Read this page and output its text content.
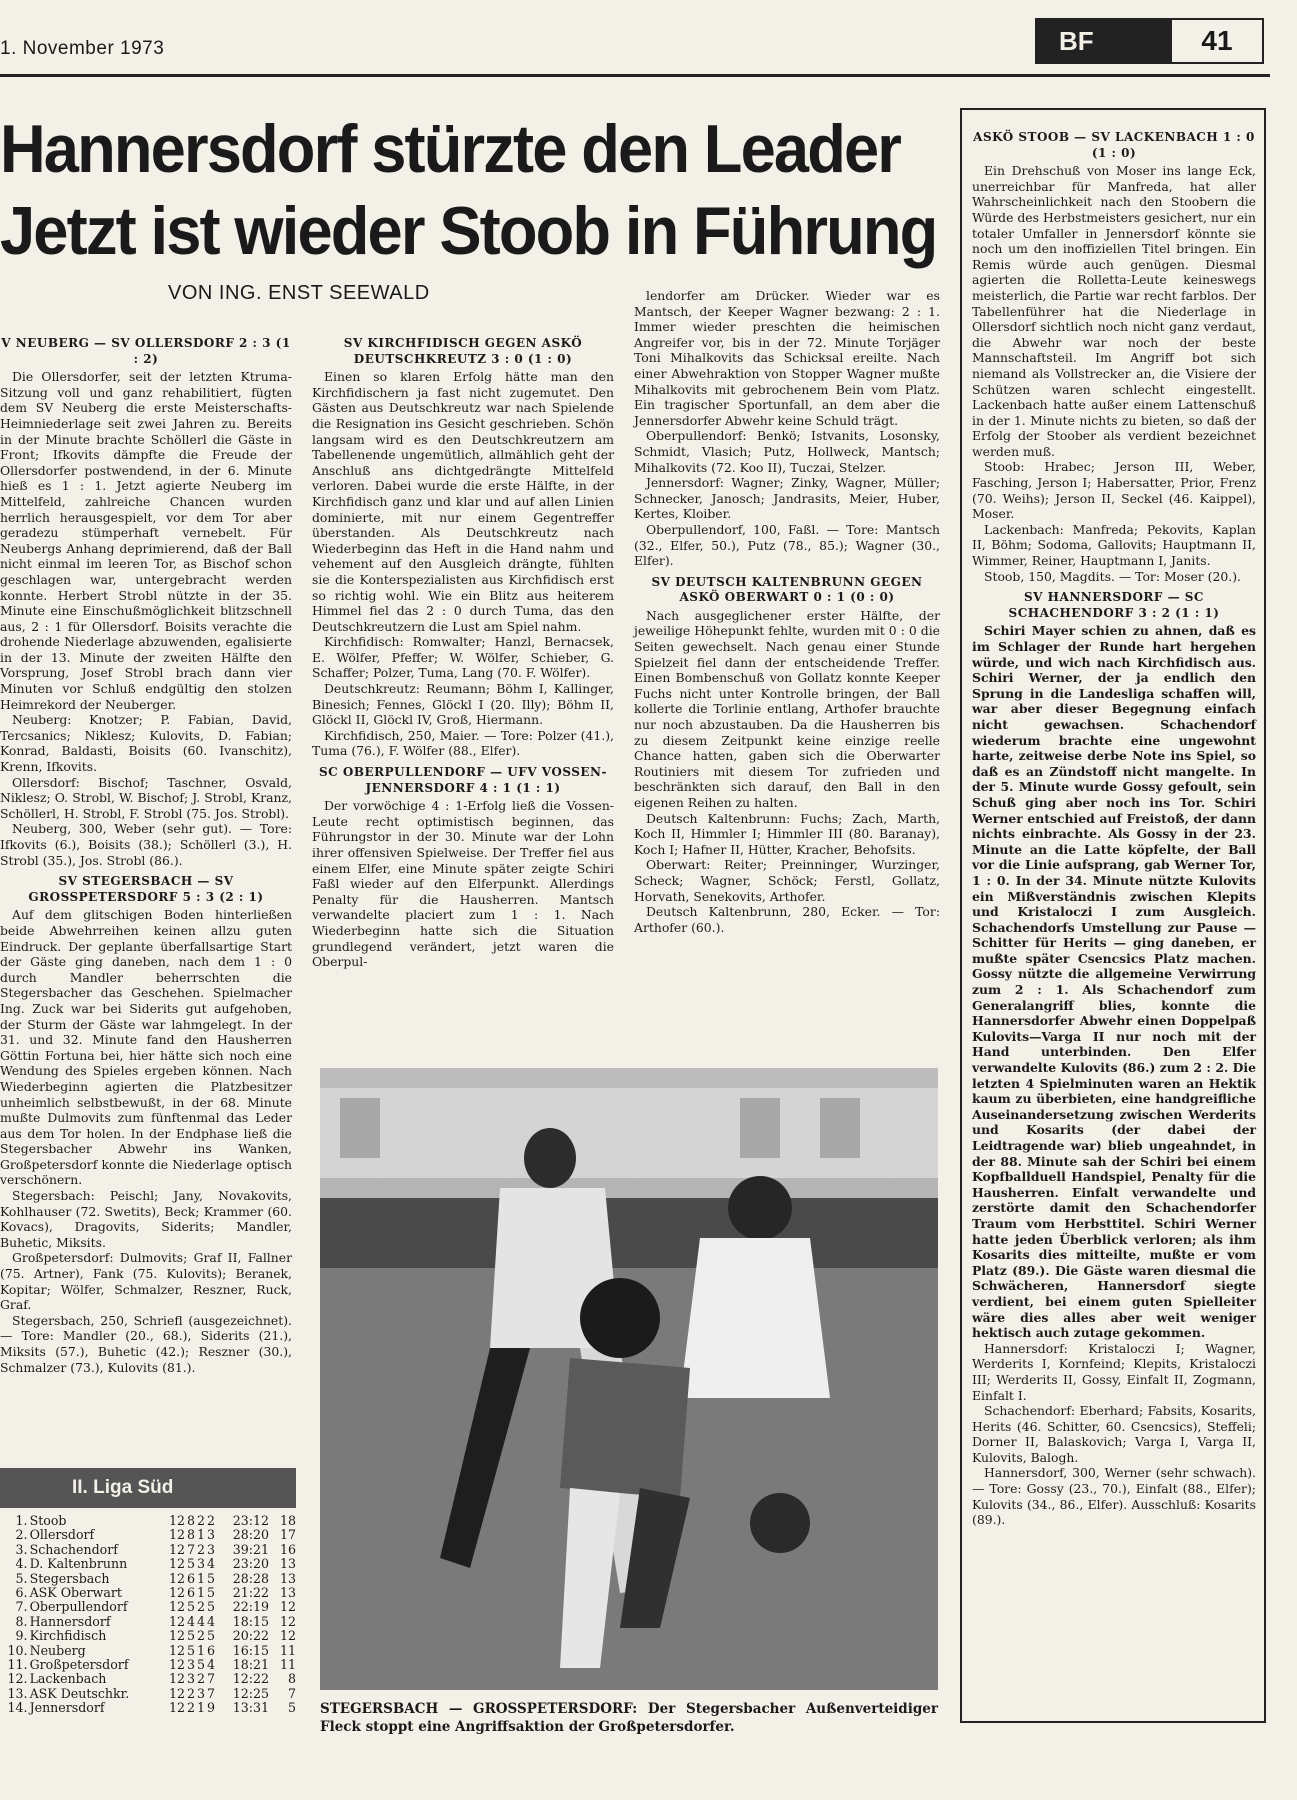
1. November 1973	BF	41
Hannersdorf stürzte den Leader
Jetzt ist wieder Stoob in Führung
VON ING. ENST SEEWALD

V NEUBERG — SV OLLERSDORF 2 : 3 (1 : 2)

Die Ollersdorfer, seit der letzten Ktruma-Sitzung voll und ganz rehabilitiert, fügten dem SV Neuberg die erste Meisterschafts-Heimniederlage seit zwei Jahren zu. Bereits in der Minute brachte Schöllerl die Gäste in Front; Ifkovits dämpfte die Freude der Ollersdorfer postwendend, in der 6. Minute hieß es 1 : 1. Jetzt agierte Neuberg im Mittelfeld, zahlreiche Chancen wurden herrlich herausgespielt, vor dem Tor aber geradezu stümperhaft vernebelt. Für Neubergs Anhang deprimierend, daß der Ball nicht einmal im leeren Tor, as Bischof schon geschlagen war, untergebracht werden konnte. Herbert Strobl nützte in der 35. Minute eine Einschußmöglichkeit blitzschnell aus, 2 : 1 für Ollersdorf. Boisits verachte die drohende Niederlage abzuwenden, egalisierte in der 13. Minute der zweiten Hälfte den Vorsprung, Josef Strobl brach dann vier Minuten vor Schluß endgültig den stolzen Heimrekord der Neuberger.

Neuberg: Knotzer; P. Fabian, David, Tercsanics; Niklesz; Kulovits, D. Fabian; Konrad, Baldasti, Boisits (60. Ivanschitz), Krenn, Ifkovits.

Ollersdorf: Bischof; Taschner, Osvald, Niklesz; O. Strobl, W. Bischof; J. Strobl, Kranz, Schöllerl, H. Strobl, F. Strobl (75. Jos. Strobl).

Neuberg, 300, Weber (sehr gut). — Tore: Ifkovits (6.), Boisits (38.); Schöllerl (3.), H. Strobl (35.), Jos. Strobl (86.).

SV STEGERSBACH — SV GROSSPETERSDORF 5 : 3 (2 : 1)

Auf dem glitschigen Boden hinterließen beide Abwehrreihen keinen allzu guten Eindruck. Der geplante überfallsartige Start der Gäste ging daneben, nach dem 1 : 0 durch Mandler beherrschten die Stegersbacher das Geschehen. Spielmacher Ing. Zuck war bei Siderits gut aufgehoben, der Sturm der Gäste war lahmgelegt. In der 31. und 32. Minute fand den Hausherren Göttin Fortuna bei, hier hätte sich noch eine Wendung des Spieles ergeben können. Nach Wiederbeginn agierten die Platzbesitzer unheimlich selbstbewußt, in der 68. Minute mußte Dulmovits zum fünftenmal das Leder aus dem Tor holen. In der Endphase ließ die Stegersbacher Abwehr ins Wanken, Großpetersdorf konnte die Niederlage optisch verschönern.

Stegersbach: Peischl; Jany, Novakovits, Kohlhauser (72. Swetits), Beck; Krammer (60. Kovacs), Dragovits, Siderits; Mandler, Buhetic, Miksits.

Großpetersdorf: Dulmovits; Graf II, Fallner (75. Artner), Fank (75. Kulovits); Beranek, Kopitar; Wölfer, Schmalzer, Reszner, Ruck, Graf.

Stegersbach, 250, Schriefl (ausgezeichnet). — Tore: Mandler (20., 68.), Siderits (21.), Miksits (57.), Buhetic (42.); Reszner (30.), Schmalzer (73.), Kulovits (81.).

SV KIRCHFIDISCH GEGEN ASKÖ DEUTSCHKREUTZ 3 : 0 (1 : 0)

Einen so klaren Erfolg hätte man den Kirchfidischern ja fast nicht zugemutet. Den Gästen aus Deutschkreutz war nach Spielende die Resignation ins Gesicht geschrieben. Schön langsam wird es den Deutschkreutzern am Tabellenende ungemütlich, allmählich geht der Anschluß ans dichtgedrängte Mittelfeld verloren. Dabei wurde die erste Hälfte, in der Kirchfidisch ganz und klar und auf allen Linien dominierte, mit nur einem Gegentreffer überstanden. Als Deutschkreutz nach Wiederbeginn das Heft in die Hand nahm und vehement auf den Ausgleich drängte, fühlten sie die Konterspezialisten aus Kirchfidisch erst so richtig wohl. Wie ein Blitz aus heiterem Himmel fiel das 2 : 0 durch Tuma, das den Deutschkreutzern die Lust am Spiel nahm.

Kirchfidisch: Romwalter; Hanzl, Bernacsek, E. Wölfer, Pfeffer; W. Wölfer, Schieber, G. Schaffer; Polzer, Tuma, Lang (70. F. Wölfer).

Deutschkreutz: Reumann; Böhm I, Kallinger, Binesich; Fennes, Glöckl I (20. Illy); Böhm II, Glöckl II, Glöckl IV, Groß, Hiermann.

Kirchfidisch, 250, Maier. — Tore: Polzer (41.), Tuma (76.), F. Wölfer (88., Elfer).

SC OBERPULLENDORF — UFV VOSSEN-JENNERSDORF 4 : 1 (1 : 1)

Der vorwöchige 4 : 1-Erfolg ließ die Vossen-Leute recht optimistisch beginnen, das Führungstor in der 30. Minute war der Lohn ihrer offensiven Spielweise. Der Treffer fiel aus einem Elfer, eine Minute später zeigte Schiri Faßl wieder auf den Elferpunkt. Allerdings Penalty für die Hausherren. Mantsch verwandelte placiert zum 1 : 1. Nach Wiederbeginn hatte sich die Situation grundlegend verändert, jetzt waren die Oberpul-

lendorfer am Drücker. Wieder war es Mantsch, der Keeper Wagner bezwang: 2 : 1. Immer wieder preschten die heimischen Angreifer vor, bis in der 72. Minute Torjäger Toni Mihalkovits das Schicksal ereilte. Nach einer Abwehraktion von Stopper Wagner mußte Mihalkovits mit gebrochenem Bein vom Platz. Ein tragischer Sportunfall, an dem aber die Jennersdorfer Abwehr keine Schuld trägt.

Oberpullendorf: Benkö; Istvanits, Losonsky, Schmidt, Vlasich; Putz, Hollweck, Mantsch; Mihalkovits (72. Koo II), Tuczai, Stelzer.

Jennersdorf: Wagner; Zinky, Wagner, Müller; Schnecker, Janosch; Jandrasits, Meier, Huber, Kertes, Kloiber.

Oberpullendorf, 100, Faßl. — Tore: Mantsch (32., Elfer, 50.), Putz (78., 85.); Wagner (30., Elfer).

SV DEUTSCH KALTENBRUNN GEGEN ASKÖ OBERWART 0 : 1 (0 : 0)

Nach ausgeglichener erster Hälfte, der jeweilige Höhepunkt fehlte, wurden mit 0 : 0 die Seiten gewechselt. Nach genau einer Stunde Spielzeit fiel dann der entscheidende Treffer. Einen Bombenschuß von Gollatz konnte Keeper Fuchs nicht unter Kontrolle bringen, der Ball kollerte die Torlinie entlang, Arthofer brauchte nur noch abzustauben. Da die Hausherren bis zu diesem Zeitpunkt keine einzige reelle Chance hatten, gaben sich die Oberwarter Routiniers mit diesem Tor zufrieden und beschränkten sich darauf, den Ball in den eigenen Reihen zu halten.

Deutsch Kaltenbrunn: Fuchs; Zach, Marth, Koch II, Himmler I; Himmler III (80. Baranay), Koch I; Hafner II, Hütter, Kracher, Behofsits.

Oberwart: Reiter; Preinninger, Wurzinger, Scheck; Wagner, Schöck; Ferstl, Gollatz, Horvath, Senekovits, Arthofer.

Deutsch Kaltenbrunn, 280, Ecker. — Tor: Arthofer (60.).

ASKÖ STOOB — SV LACKENBACH 1 : 0 (1 : 0)

Ein Drehschuß von Moser ins lange Eck, unerreichbar für Manfreda, hat aller Wahrscheinlichkeit nach den Stoobern die Würde des Herbstmeisters gesichert, nur ein totaler Umfaller in Jennersdorf könnte sie noch um den inoffiziellen Titel bringen. Ein Remis würde auch genügen. Diesmal agierten die Rolletta-Leute keineswegs meisterlich, die Partie war recht farblos. Der Tabellenführer hat die Niederlage in Ollersdorf sichtlich noch nicht ganz verdaut, die Abwehr war noch der beste Mannschaftsteil. Im Angriff bot sich niemand als Vollstrecker an, die Visiere der Schützen waren schlecht eingestellt. Lackenbach hatte außer einem Lattenschuß in der 1. Minute nichts zu bieten, so daß der Erfolg der Stoober als verdient bezeichnet werden muß.

Stoob: Hrabec; Jerson III, Weber, Fasching, Jerson I; Habersatter, Prior, Frenz (70. Weihs); Jerson II, Seckel (46. Kaippel), Moser.

Lackenbach: Manfreda; Pekovits, Kaplan II, Böhm; Sodoma, Gallovits; Hauptmann II, Wimmer, Reiner, Hauptmann I, Janits.

Stoob, 150, Magdits. — Tor: Moser (20.).

SV HANNERSDORF — SC SCHACHENDORF 3 : 2 (1 : 1)

Schiri Mayer schien zu ahnen, daß es im Schlager der Runde hart hergehen würde, und wich nach Kirchfidisch aus. Schiri Werner, der ja endlich den Sprung in die Landesliga schaffen will, war aber dieser Begegnung einfach nicht gewachsen. Schachendorf wiederum brachte eine ungewohnt harte, zeitweise derbe Note ins Spiel, so daß es an Zündstoff nicht mangelte. In der 5. Minute wurde Gossy gefoult, sein Schuß ging aber noch ins Tor. Schiri Werner entschied auf Freistoß, der dann nichts einbrachte. Als Gossy in der 23. Minute an die Latte köpfelte, der Ball vor die Linie aufsprang, gab Werner Tor, 1 : 0. In der 34. Minute nützte Kulovits ein Mißverständnis zwischen Klepits und Kristaloczi I zum Ausgleich. Schachendorfs Umstellung zur Pause — Schitter für Herits — ging daneben, er mußte später Csencsics Platz machen. Gossy nützte die allgemeine Verwirrung zum 2 : 1. Als Schachendorf zum Generalangriff blies, konnte die Hannersdorfer Abwehr einen Doppelpaß Kulovits—Varga II nur noch mit der Hand unterbinden. Den Elfer verwandelte Kulovits (86.) zum 2 : 2. Die letzten 4 Spielminuten waren an Hektik kaum zu überbieten, eine handgreifliche Auseinandersetzung zwischen Werderits und Kosarits (der dabei der Leidtragende war) blieb ungeahndet, in der 88. Minute sah der Schiri bei einem Kopfballduell Handspiel, Penalty für die Hausherren. Einfalt verwandelte und zerstörte damit den Schachendorfer Traum vom Herbsttitel. Schiri Werner hatte jeden Überblick verloren; als ihm Kosarits dies mitteilte, mußte er vom Platz (89.). Die Gäste waren diesmal die Schwächeren, Hannersdorf siegte verdient, bei einem guten Spielleiter wäre dies alles aber weit weniger hektisch auch zutage gekommen.

Hannersdorf: Kristaloczi I; Wagner, Werderits I, Kornfeind; Klepits, Kristaloczi III; Werderits II, Gossy, Einfalt II, Zogmann, Einfalt I.

Schachendorf: Eberhard; Fabsits, Kosarits, Herits (46. Schitter, 60. Csencsics), Steffeli; Dorner II, Balaskovich; Varga I, Varga II, Kulovits, Balogh.

Hannersdorf, 300, Werner (sehr schwach). — Tore: Gossy (23., 70.), Einfalt (88., Elfer); Kulovits (34., 86., Elfer). Ausschluß: Kosarits (89.).

STEGERSBACH — GROSSPETERSDORF: Der Stegersbacher Außenverteidiger Fleck stoppt eine Angriffsaktion der Großpetersdorfer.
II. Liga Süd
1.	Stoob	12	8	2	2	23:12	18
2.	Ollersdorf	12	8	1	3	28:20	17
3.	Schachendorf	12	7	2	3	39:21	16
4.	D. Kaltenbrunn	12	5	3	4	23:20	13
5.	Stegersbach	12	6	1	5	28:28	13
6.	ASK Oberwart	12	6	1	5	21:22	13
7.	Oberpullendorf	12	5	2	5	22:19	12
8.	Hannersdorf	12	4	4	4	18:15	12
9.	Kirchfidisch	12	5	2	5	20:22	12
10.	Neuberg	12	5	1	6	16:15	11
11.	Großpetersdorf	12	3	5	4	18:21	11
12.	Lackenbach	12	3	2	7	12:22	8
13.	ASK Deutschkr.	12	2	3	7	12:25	7
14.	Jennersdorf	12	2	1	9	13:31	5
